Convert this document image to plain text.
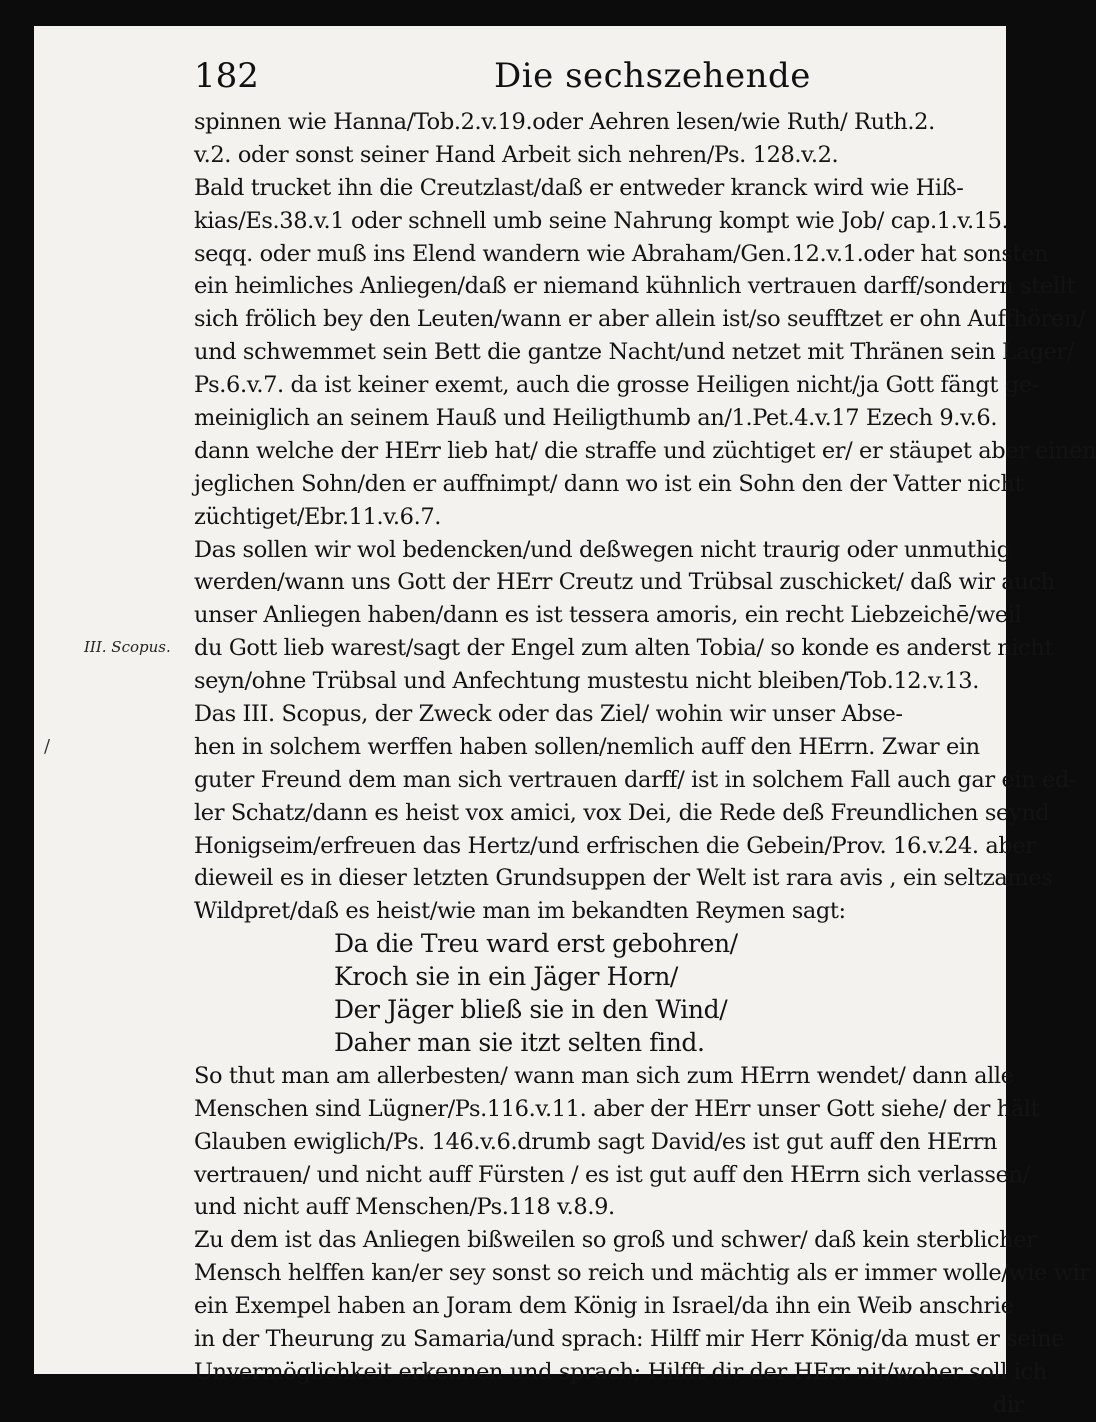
182	Die sechszehende
III. Scopus.
/
spinnen wie Hanna/Tob.2.v.19.oder Aehren lesen/wie Ruth/ Ruth.2.
v.2. oder sonst seiner Hand Arbeit sich nehren/Ps. 128.v.2.
Bald trucket ihn die Creutzlast/daß er entweder kranck wird wie Hiß-
kias/Es.38.v.1 oder schnell umb seine Nahrung kompt wie Job/ cap.1.v.15.
seqq. oder muß ins Elend wandern wie Abraham/Gen.12.v.1.oder hat sonsten
ein heimliches Anliegen/daß er niemand kühnlich vertrauen darff/sondern stellt
sich frölich bey den Leuten/wann er aber allein ist/so seufftzet er ohn Auffhören/
und schwemmet sein Bett die gantze Nacht/und netzet mit Thränen sein Lager/
Ps.6.v.7. da ist keiner exemt, auch die grosse Heiligen nicht/ja Gott fängt ge-
meiniglich an seinem Hauß und Heiligthumb an/1.Pet.4.v.17 Ezech 9.v.6.
dann welche der HErr lieb hat/ die straffe und züchtiget er/ er stäupet aber einen
jeglichen Sohn/den er auffnimpt/ dann wo ist ein Sohn den der Vatter nicht
züchtiget/Ebr.11.v.6.7.
Das sollen wir wol bedencken/und deßwegen nicht traurig oder unmuthig
werden/wann uns Gott der HErr Creutz und Trübsal zuschicket/ daß wir auch
unser Anliegen haben/dann es ist tessera amoris, ein recht Liebzeichē/weil
du Gott lieb warest/sagt der Engel zum alten Tobia/ so konde es anderst nicht
seyn/ohne Trübsal und Anfechtung mustestu nicht bleiben/Tob.12.v.13.
Das III. Scopus, der Zweck oder das Ziel/ wohin wir unser Abse-
hen in solchem werffen haben sollen/nemlich auff den HErrn. Zwar ein
guter Freund dem man sich vertrauen darff/ ist in solchem Fall auch gar ein ed-
ler Schatz/dann es heist vox amici, vox Dei, die Rede deß Freundlichen seynd
Honigseim/erfreuen das Hertz/und erfrischen die Gebein/Prov. 16.v.24. aber
dieweil es in dieser letzten Grundsuppen der Welt ist rara avis , ein seltzames
Wildpret/daß es heist/wie man im bekandten Reymen sagt:
Da die Treu ward erst gebohren/
Kroch sie in ein Jäger Horn/
Der Jäger bließ sie in den Wind/
Daher man sie itzt selten find.
So thut man am allerbesten/ wann man sich zum HErrn wendet/ dann alle
Menschen sind Lügner/Ps.116.v.11. aber der HErr unser Gott siehe/ der hält
Glauben ewiglich/Ps. 146.v.6.drumb sagt David/es ist gut auff den HErrn
vertrauen/ und nicht auff Fürsten / es ist gut auff den HErrn sich verlassen/
und nicht auff Menschen/Ps.118 v.8.9.
Zu dem ist das Anliegen bißweilen so groß und schwer/ daß kein sterblicher
Mensch helffen kan/er sey sonst so reich und mächtig als er immer wolle/wie wir
ein Exempel haben an Joram dem König in Israel/da ihn ein Weib anschrie
in der Theurung zu Samaria/und sprach: Hilff mir Herr König/da must er seine
Unvermöglichkeit erkennen und sprach; Hilfft dir der HErr nit/woher soll ich
dir
